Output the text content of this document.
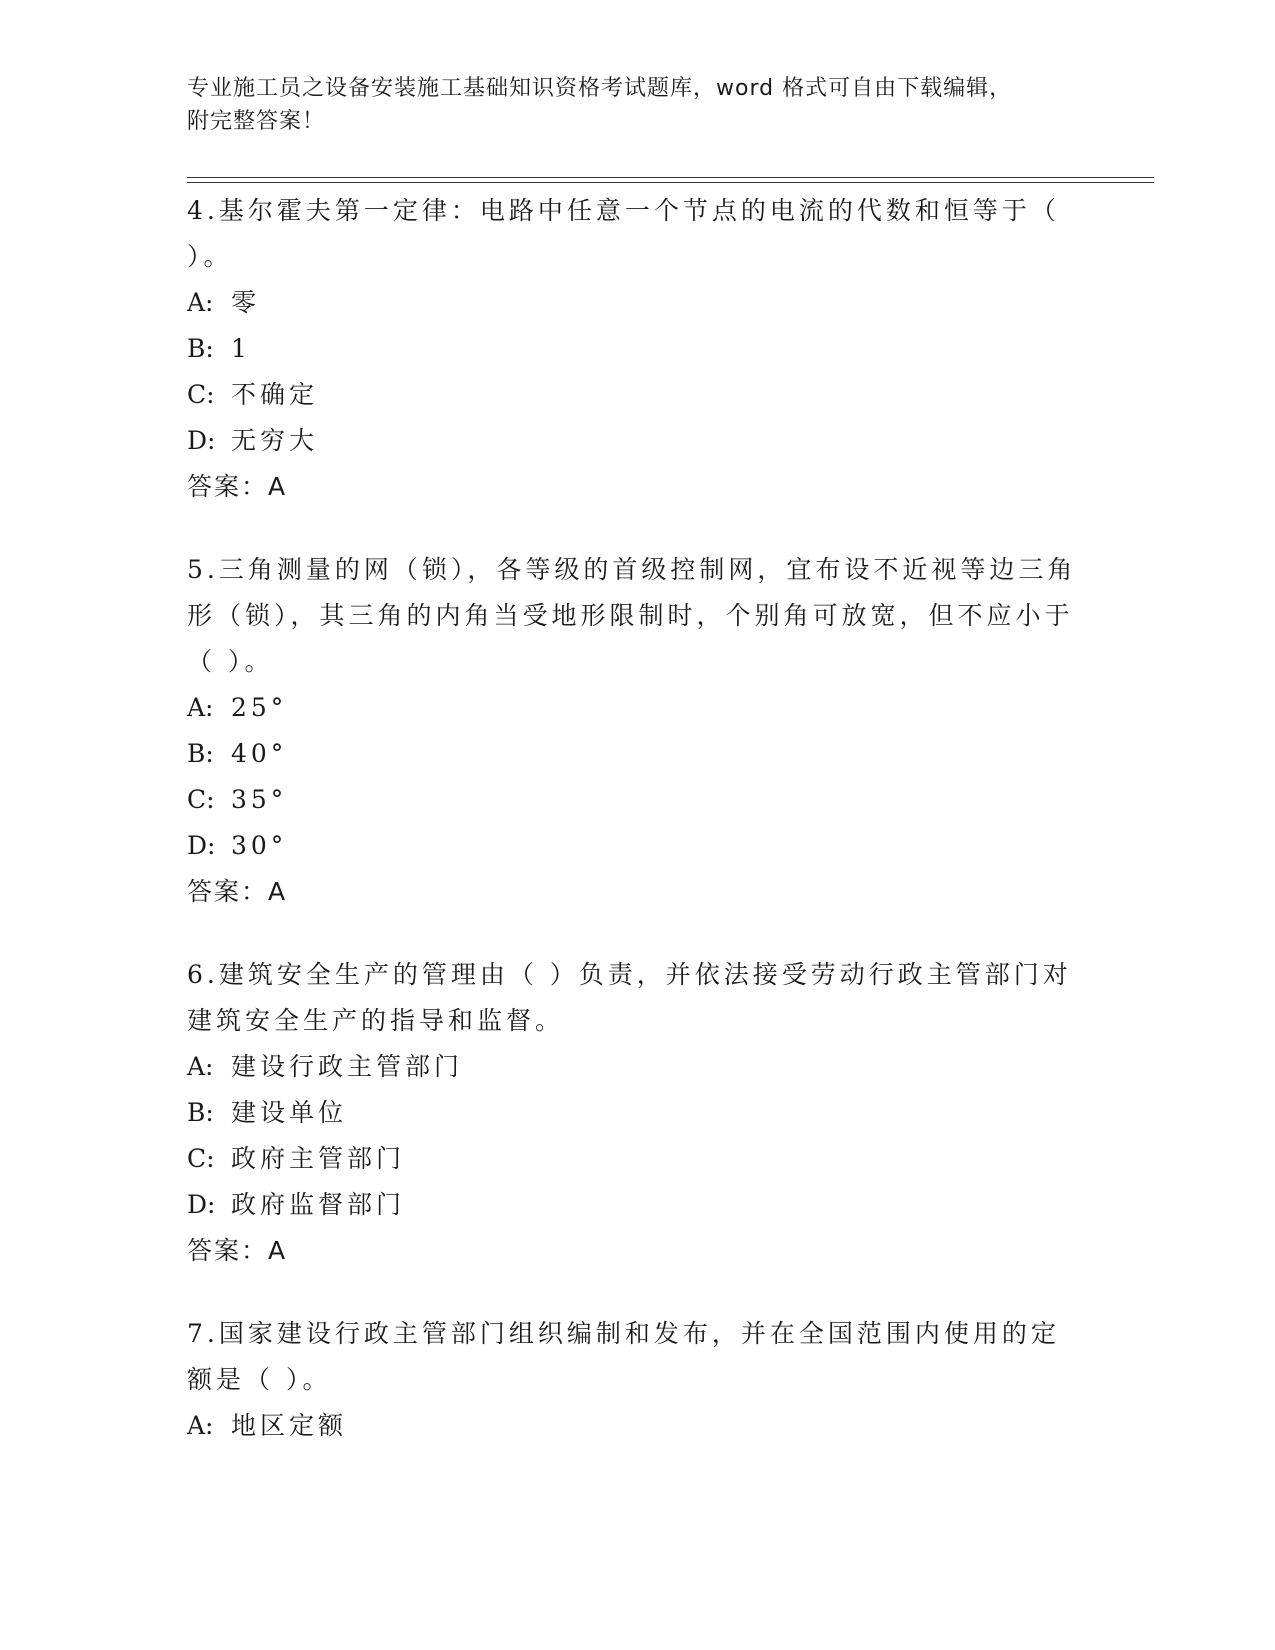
专业施工员之设备安装施工基础知识资格考试题库，word 格式可自由下载编辑，
附完整答案！

4.基尔霍夫第一定律：电路中任意一个节点的电流的代数和恒等于（ ）。

A: 零
B: 1
C: 不确定
D: 无穷大
答案：A

5.三角测量的网（锁），各等级的首级控制网，宜布设不近视等边三角形（锁），其三角的内角当受地形限制时，个别角可放宽，但不应小于（ ）。

A: 25°
B: 40°
C: 35°
D: 30°
答案：A

6.建筑安全生产的管理由（ ）负责，并依法接受劳动行政主管部门对建筑安全生产的指导和监督。

A: 建设行政主管部门
B: 建设单位
C: 政府主管部门
D: 政府监督部门
答案：A

7.国家建设行政主管部门组织编制和发布，并在全国范围内使用的定额是（ ）。

A: 地区定额
